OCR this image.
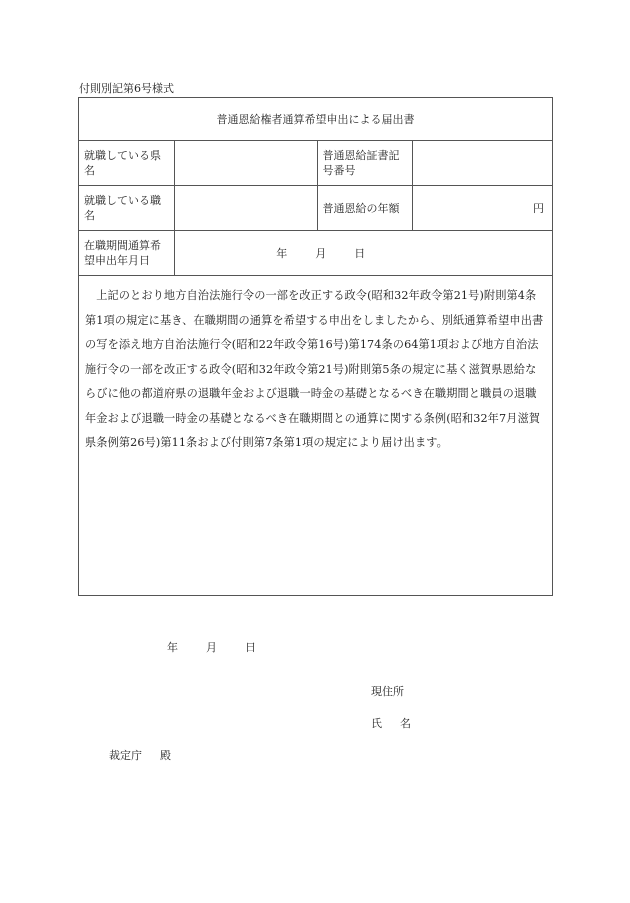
付則別記第6号様式
普通恩給権者通算希望申出による届出書			
就職している県名		普通恩給証書記号番号	
就職している職名		普通恩給の年額	円
在職期間通算希望申出年月日	年 月 日		

上記のとおり地方自治法施行令の一部を改正する政令(昭和32年政令第21号)附則第4条第1項の規定に基き、在職期間の通算を希望する申出をしましたから、別紙通算希望申出書の写を添え地方自治法施行令(昭和22年政令第16号)第174条の64第1項および地方自治法施行令の一部を改正する政令(昭和32年政令第21号)附則第5条の規定に基く滋賀県恩給ならびに他の都道府県の退職年金および退職一時金の基礎となるべき在職期間と職員の退職年金および退職一時金の基礎となるべき在職期間との通算に関する条例(昭和32年7月滋賀県条例第26号)第11条および付則第7条第1項の規定により届け出ます。
年 月 日
現住所
氏 名
裁定庁 殿			
